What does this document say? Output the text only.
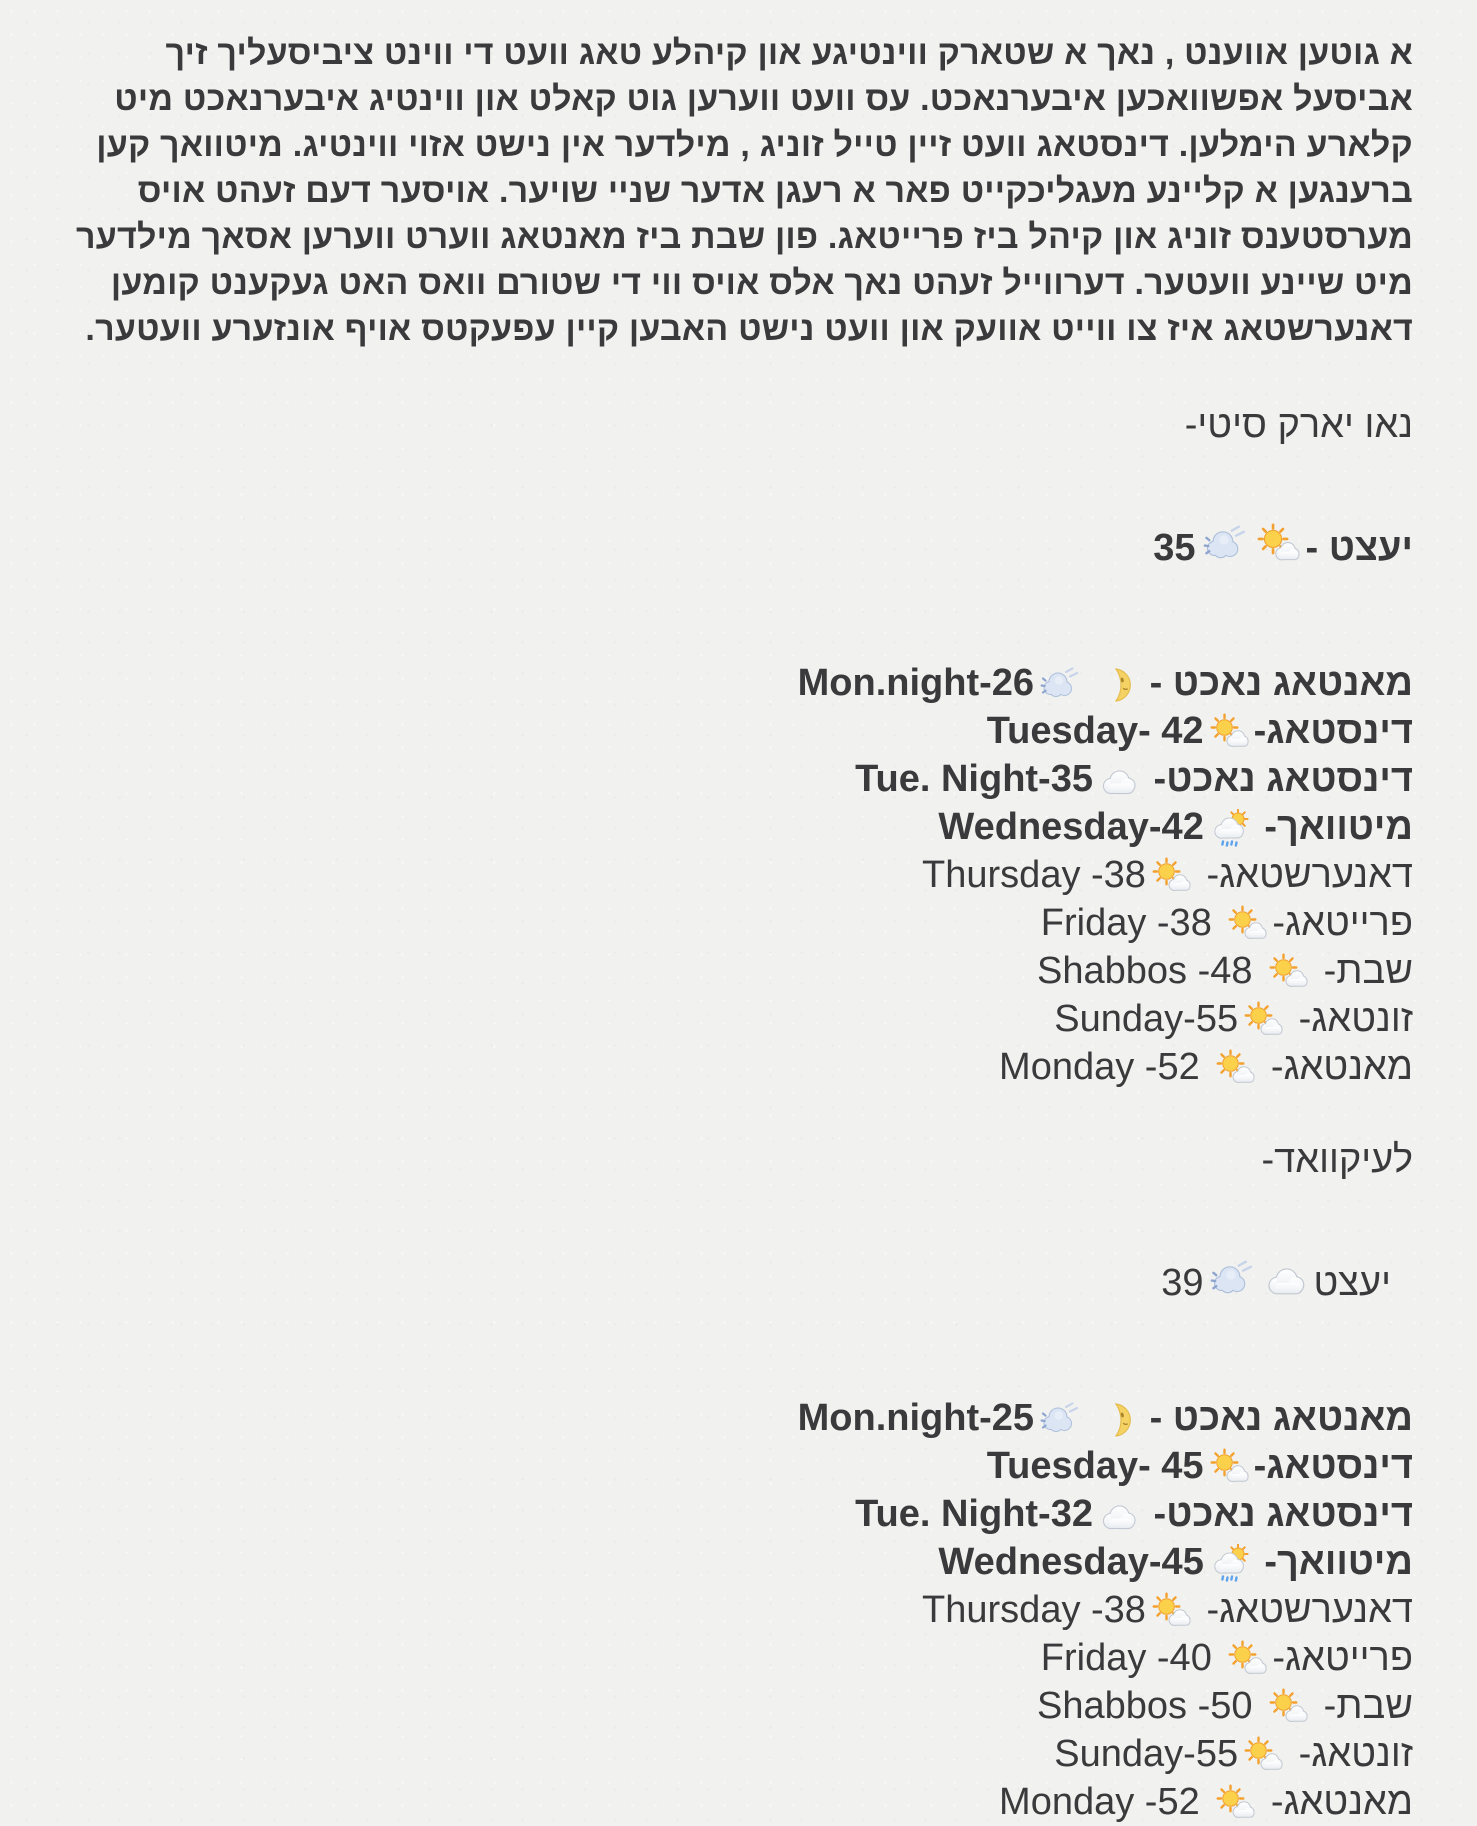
א גוטען אווענט , נאך א שטארק ווינטיגע און קיהלע טאג וועט די ווינט ציביסעליך זיך אביסעל אפשוואכען איבערנאכט. עס וועט ווערען גוט קאלט און ווינטיג איבערנאכט מיט קלארע הימלען. דינסטאג וועט זיין טייל זוניג , מילדער אין נישט אזוי ווינטיג. מיטוואך קען ברענגען א קליינע מעגליכקייט פאר א רעגן אדער שניי שויער. אויסער דעם זעהט אויס מערסטענס זוניג און קיהל ביז פרייטאג. פון שבת ביז מאנטאג ווערט ווערען אסאך מילדער מיט שיינע וועטער. דערווייל זעהט נאך אלס אויס ווי די שטורם וואס האט געקענט קומען דאנערשטאג איז צו ווייט אוועק און וועט נישט האבען קיין עפעקטס אויף אונזערע וועטער.

נאו יארק סיטי-
35	יעצט -
Mon.night-26	מאנטאג נאכט -
Tuesday- 42 דינסטאג-
Tue. Night-35 דינסטאג נאכט-
Wednesday-42 מיטוואך-
Thursday -38 דאנערשטאג-
Friday -38 פרייטאג-
Shabbos -48 שבת-
Sunday-55 זונטאג-
Monday -52 מאנטאג-
לעיקוואד-
39	יעצט
Mon.night-25	מאנטאג נאכט -
Tuesday- 45 דינסטאג-
Tue. Night-32 דינסטאג נאכט-
Wednesday-45 מיטוואך-
Thursday -38 דאנערשטאג-
Friday -40 פרייטאג-
Shabbos -50 שבת-
Sunday-55 זונטאג-
Monday -52 מאנטאג-
